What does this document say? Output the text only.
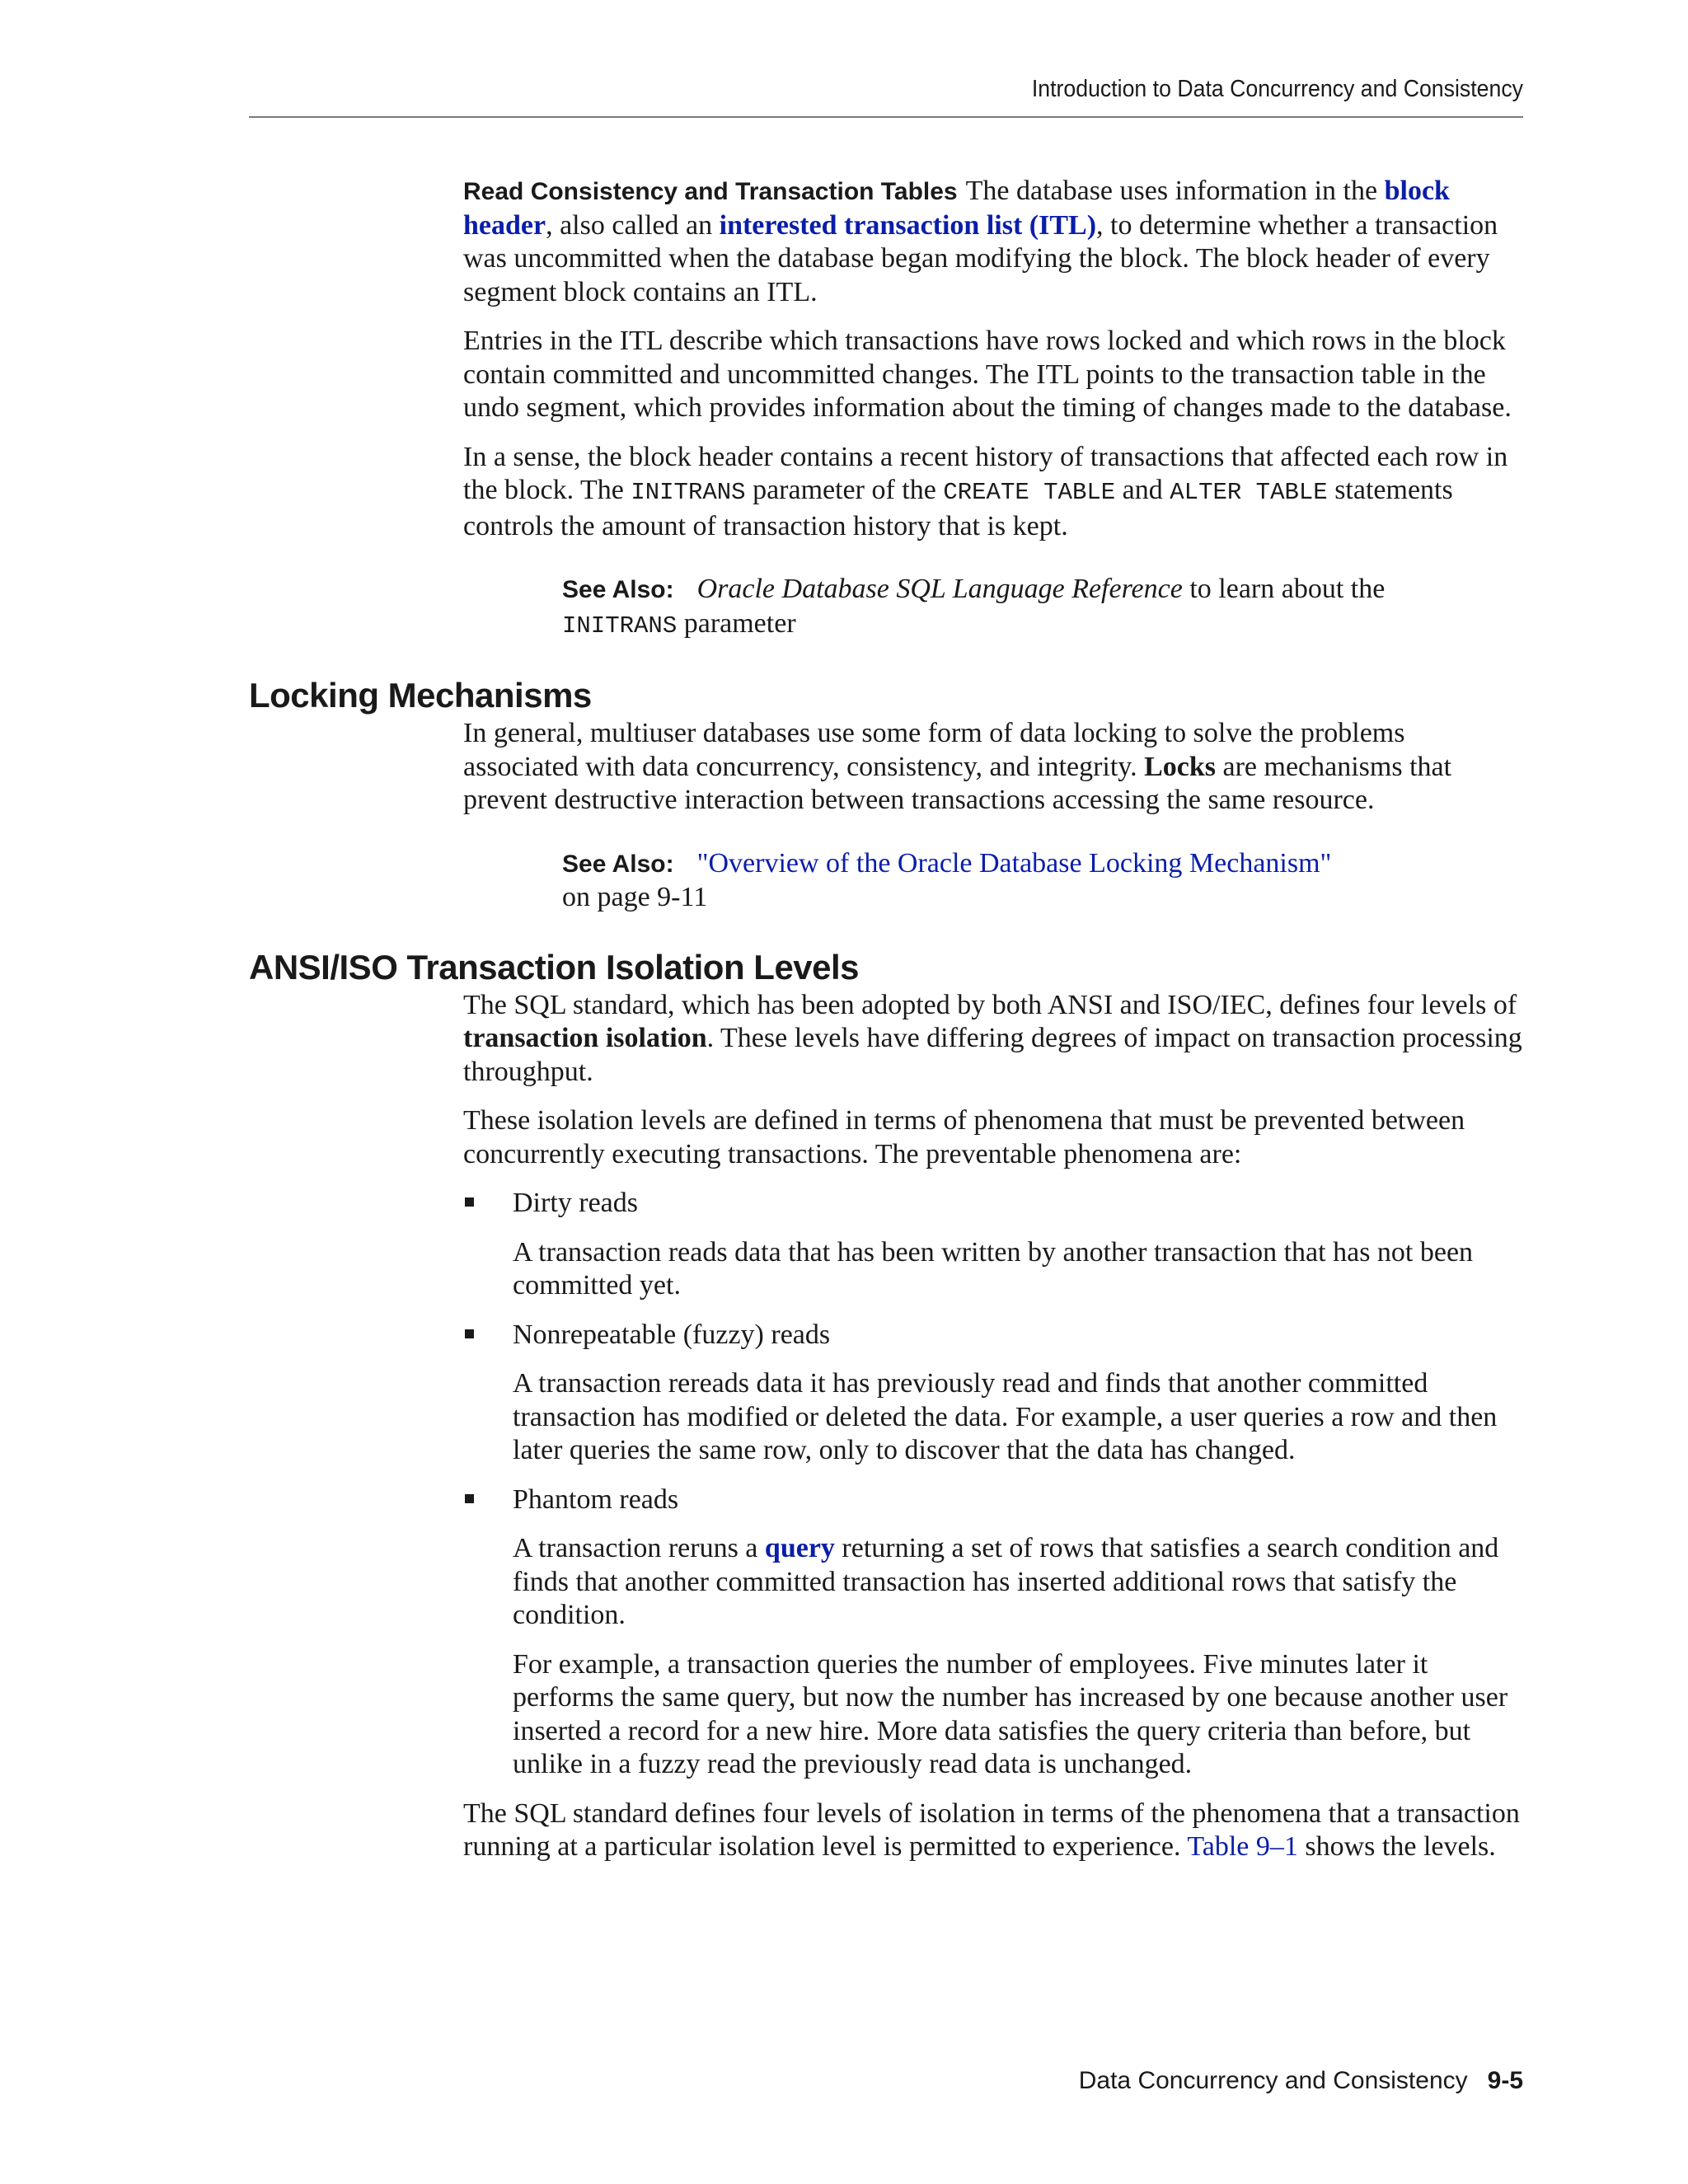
Introduction to Data Concurrency and Consistency

Read Consistency and Transaction Tables The database uses information in the block header, also called an interested transaction list (ITL), to determine whether a transaction was uncommitted when the database began modifying the block. The block header of every segment block contains an ITL.

Entries in the ITL describe which transactions have rows locked and which rows in the block contain committed and uncommitted changes. The ITL points to the transaction table in the undo segment, which provides information about the timing of changes made to the database.

In a sense, the block header contains a recent history of transactions that affected each row in the block. The INITRANS parameter of the CREATE TABLE and ALTER TABLE statements controls the amount of transaction history that is kept.

See Also: Oracle Database SQL Language Reference to learn about the
INITRANS parameter
Locking Mechanisms

In general, multiuser databases use some form of data locking to solve the problems associated with data concurrency, consistency, and integrity. Locks are mechanisms that prevent destructive interaction between transactions accessing the same resource.

See Also: "Overview of the Oracle Database Locking Mechanism"
on page 9-11
ANSI/ISO Transaction Isolation Levels

The SQL standard, which has been adopted by both ANSI and ISO/IEC, defines four levels of transaction isolation. These levels have differing degrees of impact on transaction processing throughput.

These isolation levels are defined in terms of phenomena that must be prevented between concurrently executing transactions. The preventable phenomena are:

Dirty reads

A transaction reads data that has been written by another transaction that has not been committed yet.

Nonrepeatable (fuzzy) reads

A transaction rereads data it has previously read and finds that another committed transaction has modified or deleted the data. For example, a user queries a row and then later queries the same row, only to discover that the data has changed.

Phantom reads

A transaction reruns a query returning a set of rows that satisfies a search condition and finds that another committed transaction has inserted additional rows that satisfy the condition.

For example, a transaction queries the number of employees. Five minutes later it performs the same query, but now the number has increased by one because another user inserted a record for a new hire. More data satisfies the query criteria than before, but unlike in a fuzzy read the previously read data is unchanged.

The SQL standard defines four levels of isolation in terms of the phenomena that a transaction running at a particular isolation level is permitted to experience. Table 9–1 shows the levels.

Data Concurrency and Consistency 9-5
